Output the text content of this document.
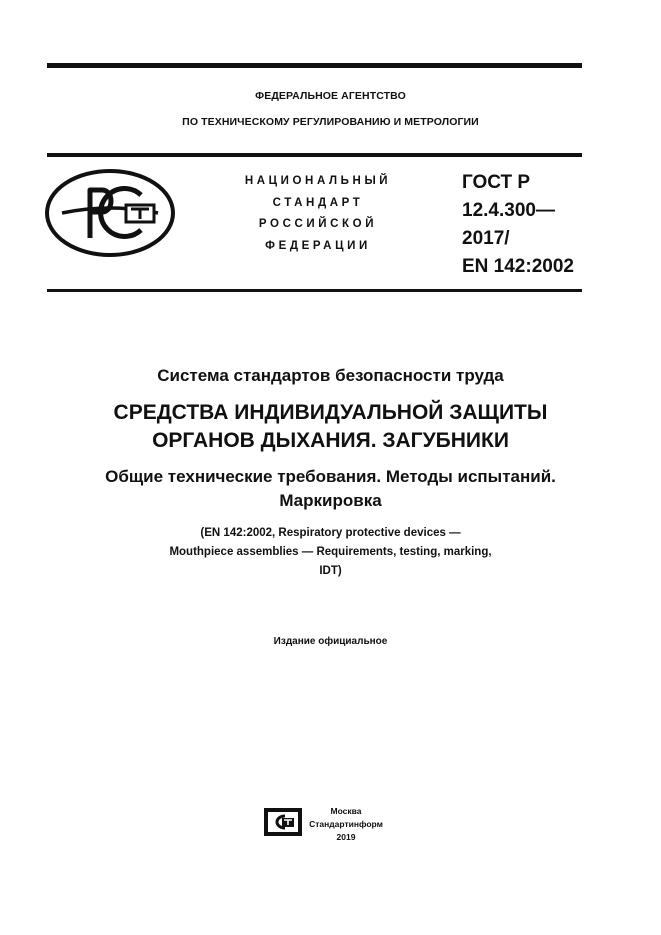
ФЕДЕРАЛЬНОЕ АГЕНТСТВО
ПО ТЕХНИЧЕСКОМУ РЕГУЛИРОВАНИЮ И МЕТРОЛОГИИ
НАЦИОНАЛЬНЫЙ
СТАНДАРТ
РОССИЙСКОЙ
ФЕДЕРАЦИИ
ГОСТ Р
12.4.300—
2017/
EN 142:2002
Система стандартов безопасности труда
СРЕДСТВА ИНДИВИДУАЛЬНОЙ ЗАЩИТЫ
ОРГАНОВ ДЫХАНИЯ. ЗАГУБНИКИ
Общие технические требования. Методы испытаний.
Маркировка
(EN 142:2002, Respiratory protective devices —
Mouthpiece assemblies — Requirements, testing, marking,
IDT)
Издание официальное
Москва
Стандартинформ
2019
